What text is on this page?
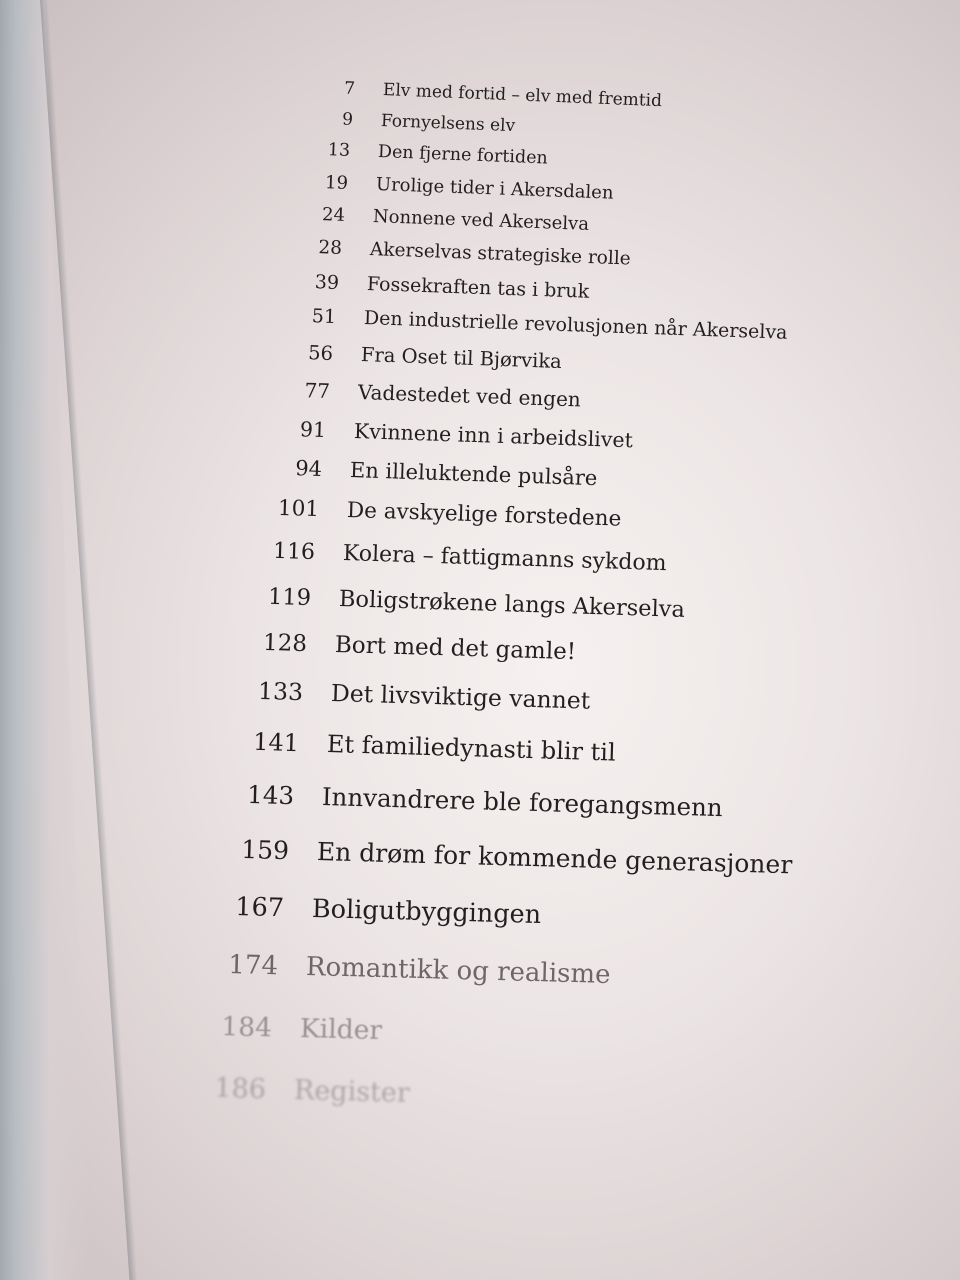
7 Elv med fortid – elv med fremtid
9 Fornyelsens elv
13 Den fjerne fortiden
19 Urolige tider i Akersdalen
24 Nonnene ved Akerselva
28 Akerselvas strategiske rolle
39 Fossekraften tas i bruk
51 Den industrielle revolusjonen når Akerselva
56 Fra Oset til Bjørvika
77 Vadestedet ved engen
91 Kvinnene inn i arbeidslivet
94 En illeluktende pulsåre
101 De avskyelige forstedene
116 Kolera – fattigmanns sykdom
119 Boligstrøkene langs Akerselva
128 Bort med det gamle!
133 Det livsviktige vannet
141 Et familiedynasti blir til
143 Innvandrere ble foregangsmenn
159 En drøm for kommende generasjoner
167 Boligutbyggingen
174 Romantikk og realisme
184 Kilder
186 Register
